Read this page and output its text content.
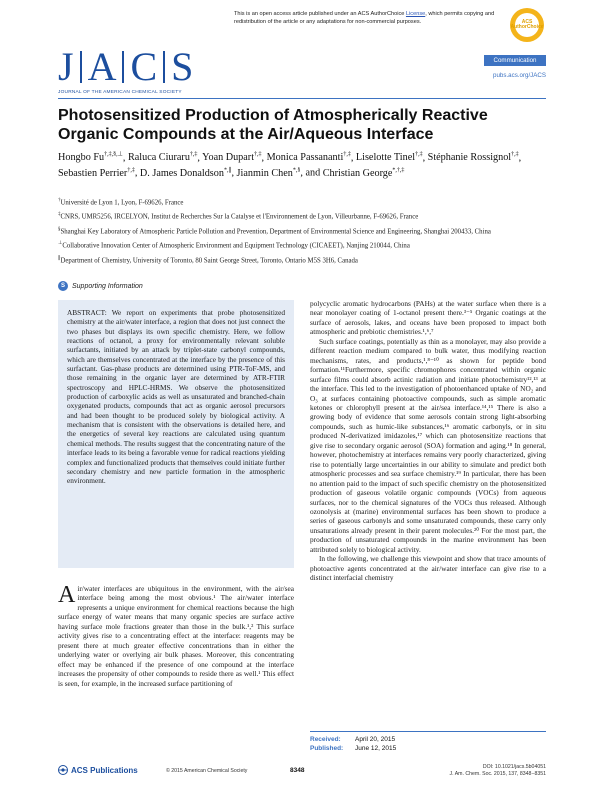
This is an open access article published under an ACS AuthorChoice License, which permits copying and redistribution of the article or any adaptations for non-commercial purposes.	ACS AuthorChoice
J A C S
JOURNAL OF THE AMERICAN CHEMICAL SOCIETY
Communication
pubs.acs.org/JACS
Photosensitized Production of Atmospherically Reactive Organic Compounds at the Air/Aqueous Interface
Hongbo Fu†,‡,§,⊥, Raluca Ciuraru†,‡, Yoan Dupart†,‡, Monica Passananti†,‡, Liselotte Tinel†,‡, Stéphanie Rossignol†,‡, Sebastien Perrier†,‡, D. James Donaldson*,∥, Jianmin Chen*,§, and Christian George*,†,‡
†Université de Lyon 1, Lyon, F-69626, France
‡CNRS, UMR5256, IRCELYON, Institut de Recherches Sur la Catalyse et l'Environnement de Lyon, Villeurbanne, F-69626, France
§Shanghai Key Laboratory of Atmospheric Particle Pollution and Prevention, Department of Environmental Science and Engineering, Shanghai 200433, China
⊥Collaborative Innovation Center of Atmospheric Environment and Equipment Technology (CICAEET), Nanjing 210044, China
∥Department of Chemistry, University of Toronto, 80 Saint George Street, Toronto, Ontario M5S 3H6, Canada
S	Supporting Information

ABSTRACT: We report on experiments that probe photosensitized chemistry at the air/water interface, a region that does not just connect the two phases but displays its own specific chemistry. Here, we follow reactions of octanol, a proxy for environmentally relevant soluble surfactants, initiated by an attack by triplet-state carbonyl compounds, which are themselves concentrated at the interface by the presence of this surfactant. Gas-phase products are determined using PTR-ToF-MS, and those remaining in the organic layer are determined by ATR-FTIR spectroscopy and HPLC-HRMS. We observe the photosensitized production of carboxylic acids as well as unsaturated and branched-chain oxygenated products, compounds that act as organic aerosol precursors and had been thought to be produced solely by biological activity. A mechanism that is consistent with the observations is detailed here, and the energetics of several key reactions are calculated using quantum chemical methods. The results suggest that the concentrating nature of the interface leads to its being a favorable venue for radical reactions yielding complex and functionalized products that themselves could initiate further secondary chemistry and new particle formation in the atmospheric environment.

Air/water interfaces are ubiquitous in the environment, with the air/sea interface being among the most obvious.¹ The air/water interface represents a unique environment for chemical reactions because the high surface energy of water means that many organic species are surface active having surface mole fractions greater than those in the bulk.¹,² This surface activity gives rise to a concentrating effect at the interface: reagents may be present there at much greater effective concentrations than in either the underlying water or overlying air bulk phases. Moreover, this concentrating effect may be enhanced if the presence of one compound at the interface increases the propensity of other compounds to reside there as well.¹ This effect is seen, for example, in the increased surface partitioning of

polycyclic aromatic hydrocarbons (PAHs) at the water surface when there is a near monolayer coating of 1-octanol present there.³⁻⁵ Organic coatings at the surface of aerosols, lakes, and oceans have been proposed to impact both atmospheric and prebiotic chemistries.¹,⁶,⁷

Such surface coatings, potentially as thin as a monolayer, may also provide a different reaction medium compared to bulk water, thus modifying reaction mechanisms, rates, and products,¹,⁸⁻¹⁰ as shown for peptide bond formation.¹¹Furthermore, specific chromophores concentrated within organic surface films could absorb actinic radiation and initiate photochemistry¹²,¹³ at the interface. This led to the investigation of photoenhanced uptake of NO₂ and O₃ at surfaces containing photoactive compounds, such as simple aromatic ketones or chlorophyll present at the air/sea interface.¹⁴,¹⁵ There is also a growing body of evidence that some aerosols contain strong light-absorbing compounds, such as humic-like substances,¹⁶ aromatic carbonyls, or in situ produced N-derivatized imidazoles,¹⁷ which can photosensitize reactions that give rise to secondary organic aerosol (SOA) formation and aging.¹⁸ In general, however, photochemistry at interfaces remains very poorly characterized, giving rise to potentially large uncertainties in our ability to simulate and predict both atmospheric processes and sea surface chemistry.¹⁹ In particular, there has been no attention paid to the impact of such specific chemistry on the photosensitized production of gaseous volatile organic compounds (VOCs) from aqueous surfaces, nor to the chemical signatures of the VOCs thus released. Although ozonolysis at (marine) environmental surfaces has been shown to produce a series of gaseous carbonyls and some unsaturated compounds, these carry only unsaturations already present in their parent molecules.²⁰ For the most part, the production of unsaturated compounds in the marine environment has been attributed solely to biological activity.

In the following, we challenge this viewpoint and show that trace amounts of photoactive agents concentrated at the air/water interface can give rise to a distinct interfacial chemistry

Received: April 20, 2015
Published: June 12, 2015
ACS Publications	© 2015 American Chemical Society	8348	DOI: 10.1021/jacs.5b04051
J. Am. Chem. Soc. 2015, 137, 8348−8351
